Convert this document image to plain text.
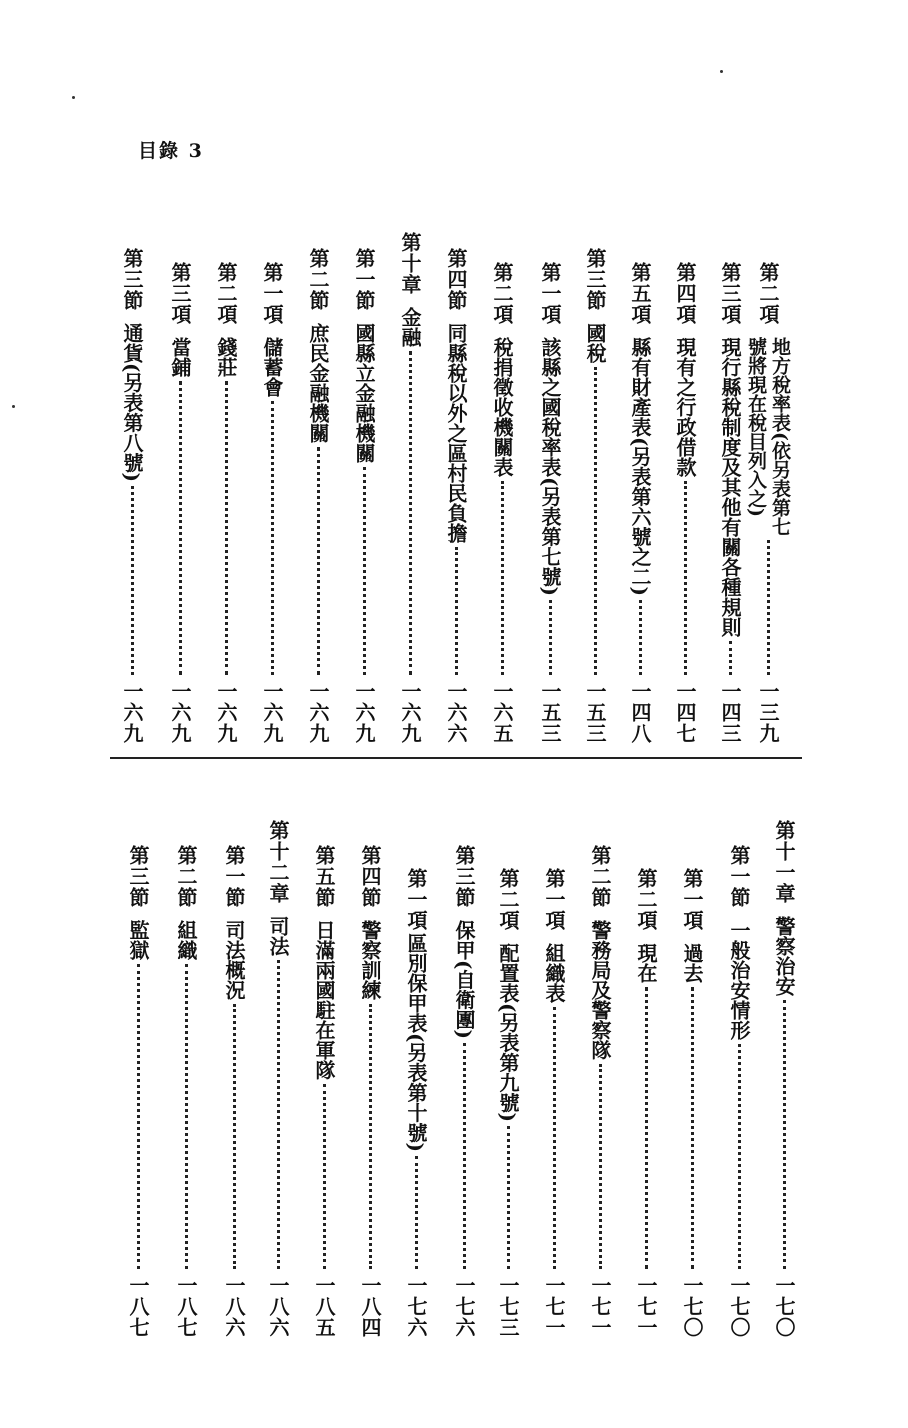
目錄 3
第二項
地方稅率表(依另表第七
號將現在稅目列入之)
一三九
第三項
現行縣稅制度及其他有關各種規則
一四三
第四項
現有之行政借款
一四七
第五項
縣有財產表(另表第六號之二)
一四八
第三節
國稅
一五三
第一項
該縣之國稅率表(另表第七號)
一五三
第二項
稅捐徵收機關表
一六五
第四節
同縣稅以外之區村民負擔
一六六
第十章
金融
一六九
第一節
國縣立金融機關
一六九
第二節
庶民金融機關
一六九
第一項
儲蓄會
一六九
第二項
錢莊
一六九
第三項
當鋪
一六九
第三節
通貨(另表第八號)
一六九
第十一章
警察治安
一七〇
第一節
一般治安情形
一七〇
第一項
過去
一七〇
第二項
現在
一七一
第二節
警務局及警察隊
一七一
第一項
組織表
一七一
第二項
配置表(另表第九號)
一七三
第三節
保甲(自衛團)
一七六
第一項
區別保甲表(另表第十號)
一七六
第四節
警察訓練
一八四
第五節
日滿兩國駐在軍隊
一八五
第十二章
司法
一八六
第一節
司法概況
一八六
第二節
組織
一八七
第三節
監獄
一八七
